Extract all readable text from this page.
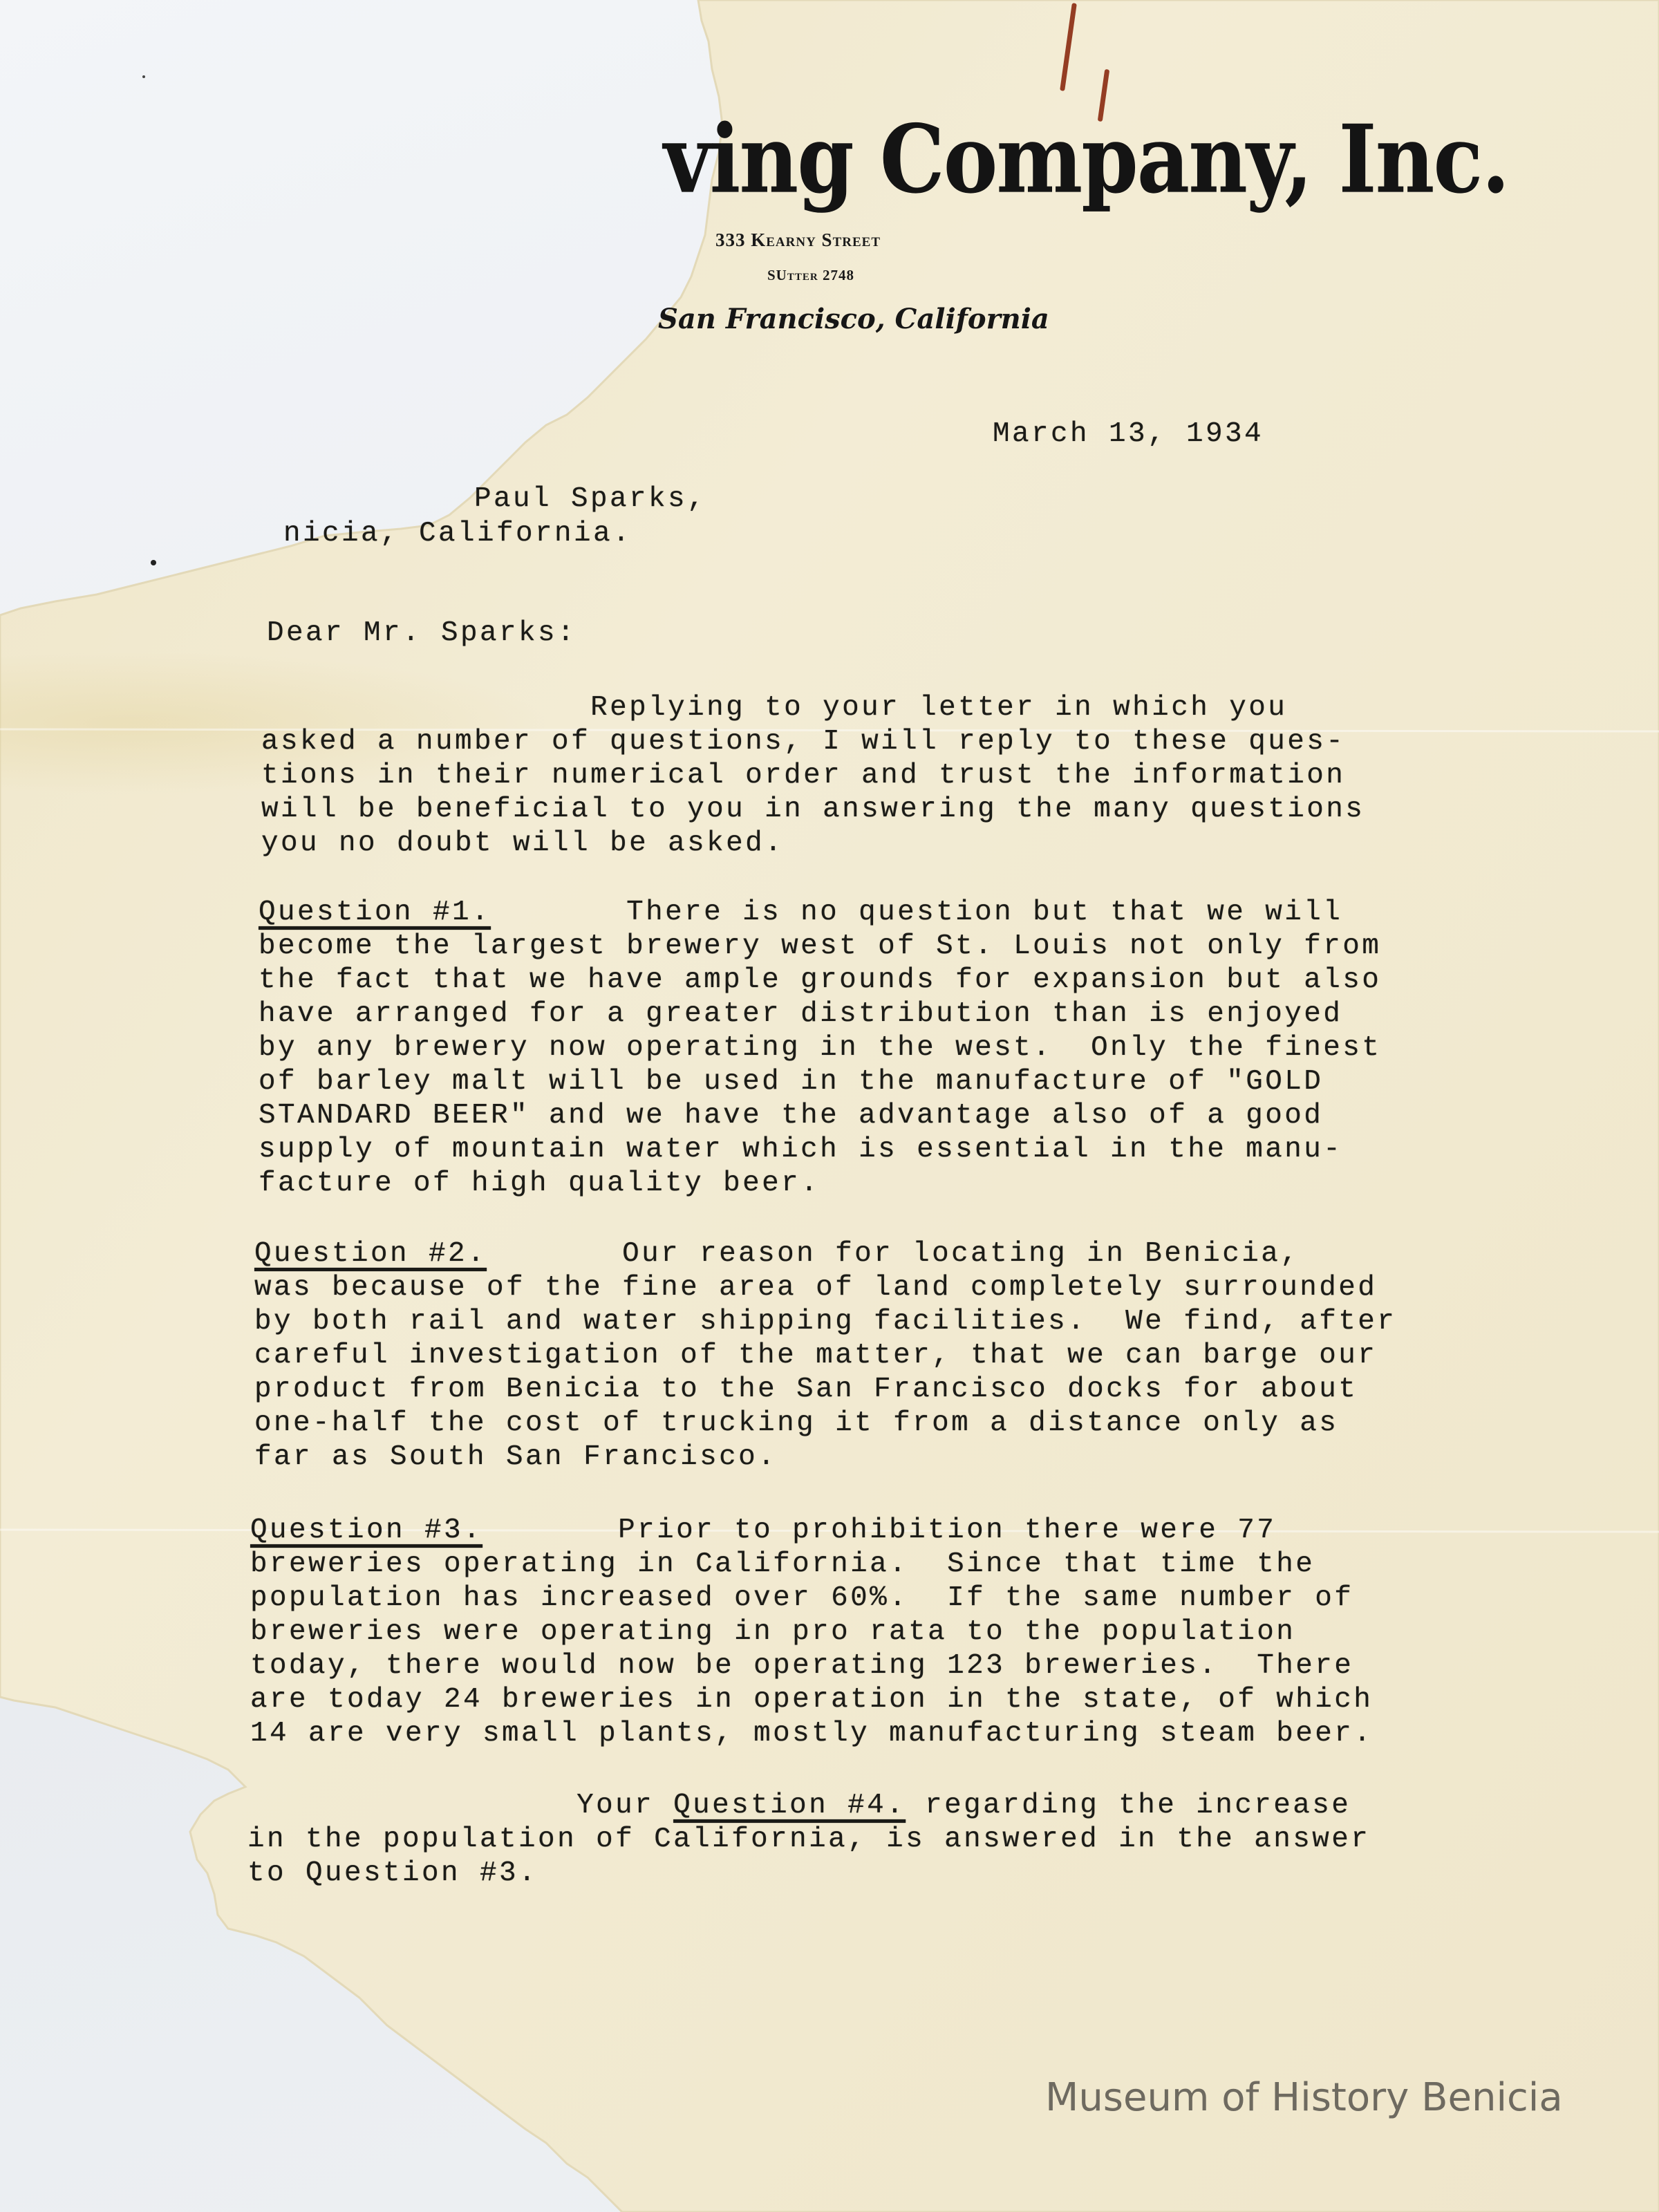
ving Company, Inc.
333 Kearny Street
SUtter 2748
San Francisco, California
March 13, 1934
Paul Sparks,
nicia, California.
Dear Mr. Sparks:
Replying to your letter in which you
asked a number of questions, I will reply to these ques-
tions in their numerical order and trust the information
will be beneficial to you in answering the many questions
you no doubt will be asked.
Question #1.       There is no question but that we will
become the largest brewery west of St. Louis not only from
the fact that we have ample grounds for expansion but also
have arranged for a greater distribution than is enjoyed
by any brewery now operating in the west.  Only the finest
of barley malt will be used in the manufacture of "GOLD
STANDARD BEER" and we have the advantage also of a good
supply of mountain water which is essential in the manu-
facture of high quality beer.
Question #2.       Our reason for locating in Benicia,
was because of the fine area of land completely surrounded
by both rail and water shipping facilities.  We find, after
careful investigation of the matter, that we can barge our
product from Benicia to the San Francisco docks for about
one-half the cost of trucking it from a distance only as
far as South San Francisco.
Question #3.       Prior to prohibition there were 77
breweries operating in California.  Since that time the
population has increased over 60%.  If the same number of
breweries were operating in pro rata to the population
today, there would now be operating 123 breweries.  There
are today 24 breweries in operation in the state, of which
14 are very small plants, mostly manufacturing steam beer.
Your Question #4. regarding the increase
in the population of California, is answered in the answer
to Question #3.
Museum of History Benicia
